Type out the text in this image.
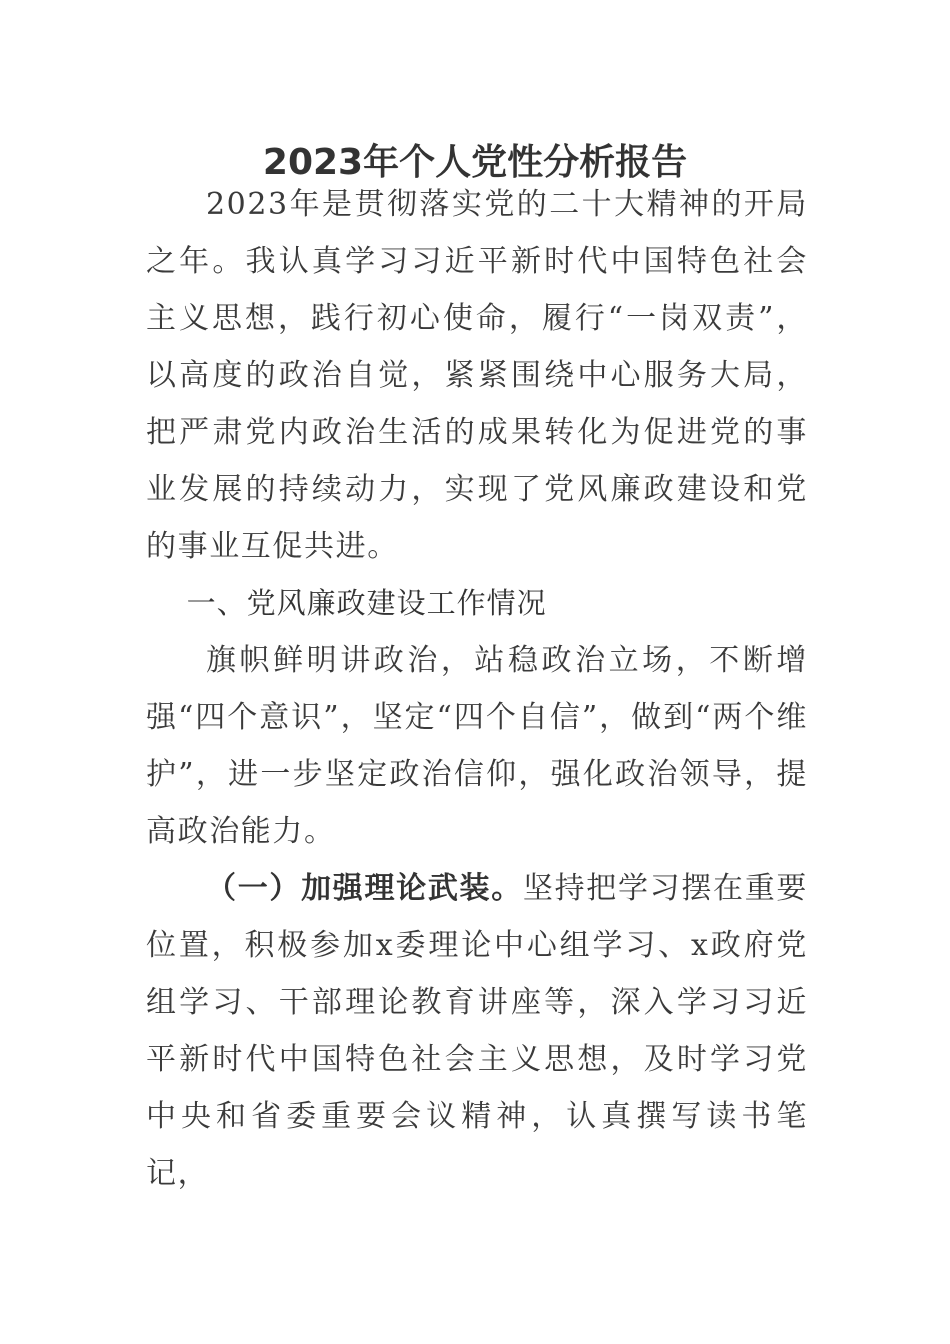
2023年个人党性分析报告

2023年是贯彻落实党的二十大精神的开局之年。我认真学习习近平新时代中国特色社会主义思想，践行初心使命，履行“一岗双责”，以高度的政治自觉，紧紧围绕中心服务大局，把严肃党内政治生活的成果转化为促进党的事业发展的持续动力，实现了党风廉政建设和党的事业互促共进。

一、党风廉政建设工作情况

旗帜鲜明讲政治，站稳政治立场，不断增强“四个意识”，坚定“四个自信”，做到“两个维护”，进一步坚定政治信仰，强化政治领导，提高政治能力。

（一）加强理论武装。坚持把学习摆在重要位置，积极参加x委理论中心组学习、x政府党组学习、干部理论教育讲座等，深入学习习近平新时代中国特色社会主义思想，及时学习党中央和省委重要会议精神，认真撰写读书笔记，
